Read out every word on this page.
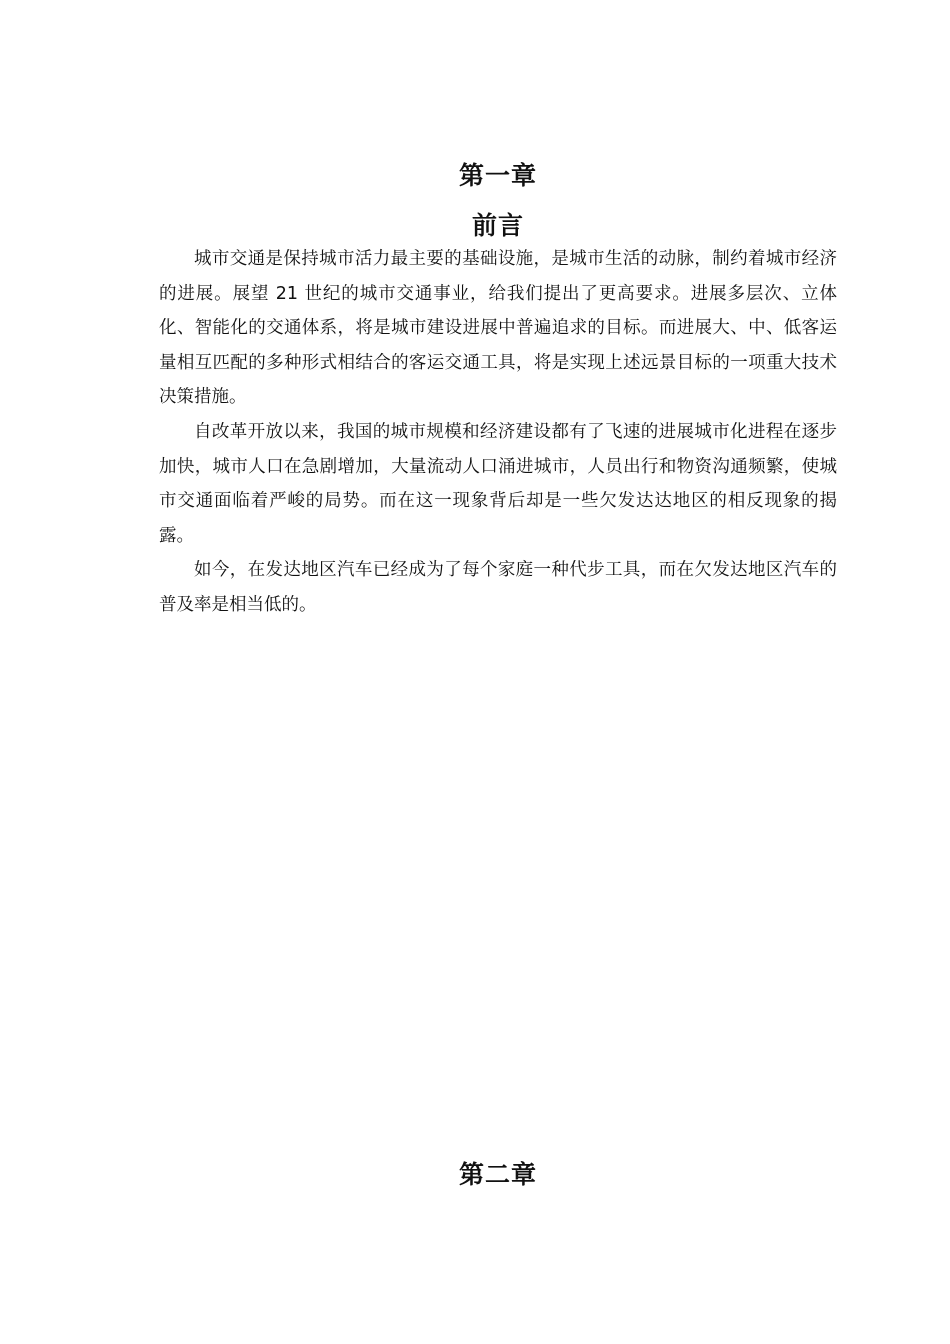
第一章
前言

城市交通是保持城市活力最主要的基础设施，是城市生活的动脉，制约着城市经济的进展。展望 21 世纪的城市交通事业，给我们提出了更高要求。进展多层次、立体化、智能化的交通体系，将是城市建设进展中普遍追求的目标。而进展大、中、低客运量相互匹配的多种形式相结合的客运交通工具，将是实现上述远景目标的一项重大技术决策措施。

自改革开放以来，我国的城市规模和经济建设都有了飞速的进展城市化进程在逐步加快，城市人口在急剧增加，大量流动人口涌进城市，人员出行和物资沟通频繁，使城市交通面临着严峻的局势。而在这一现象背后却是一些欠发达达地区的相反现象的揭露。

如今，在发达地区汽车已经成为了每个家庭一种代步工具，而在欠发达地区汽车的普及率是相当低的。

第二章
